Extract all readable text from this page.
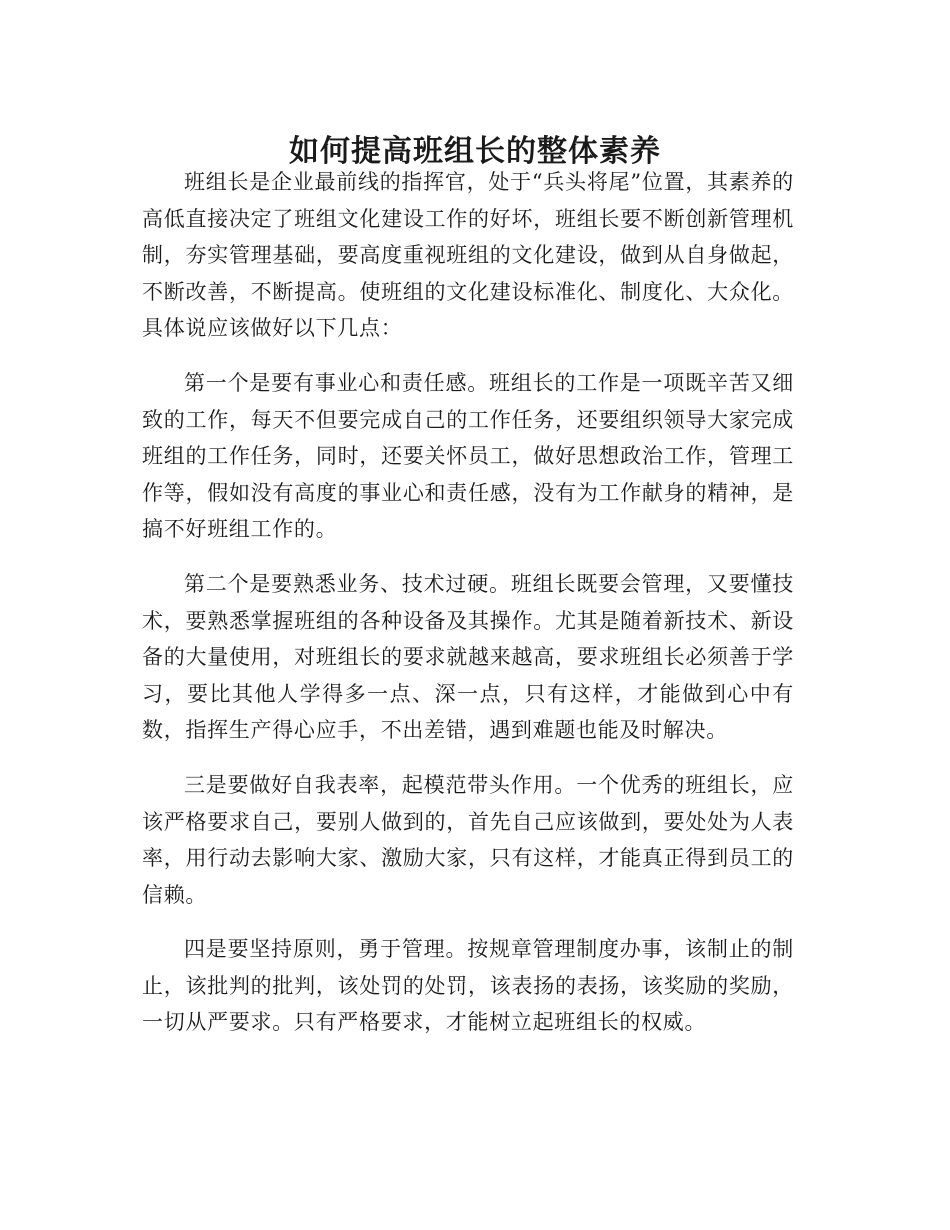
如何提高班组长的整体素养

班组长是企业最前线的指挥官，处于“兵头将尾”位置，其素养的高低直接决定了班组文化建设工作的好坏，班组长要不断创新管理机制，夯实管理基础，要高度重视班组的文化建设，做到从自身做起，不断改善，不断提高。使班组的文化建设标准化、制度化、大众化。具体说应该做好以下几点：

第一个是要有事业心和责任感。班组长的工作是一项既辛苦又细致的工作，每天不但要完成自己的工作任务，还要组织领导大家完成班组的工作任务，同时，还要关怀员工，做好思想政治工作，管理工作等，假如没有高度的事业心和责任感，没有为工作献身的精神，是搞不好班组工作的。

第二个是要熟悉业务、技术过硬。班组长既要会管理，又要懂技术，要熟悉掌握班组的各种设备及其操作。尤其是随着新技术、新设备的大量使用，对班组长的要求就越来越高，要求班组长必须善于学习，要比其他人学得多一点、深一点，只有这样，才能做到心中有数，指挥生产得心应手，不出差错，遇到难题也能及时解决。

三是要做好自我表率，起模范带头作用。一个优秀的班组长，应该严格要求自己，要别人做到的，首先自己应该做到，要处处为人表率，用行动去影响大家、激励大家，只有这样，才能真正得到员工的信赖。

四是要坚持原则，勇于管理。按规章管理制度办事，该制止的制止，该批判的批判，该处罚的处罚，该表扬的表扬，该奖励的奖励，一切从严要求。只有严格要求，才能树立起班组长的权威。
